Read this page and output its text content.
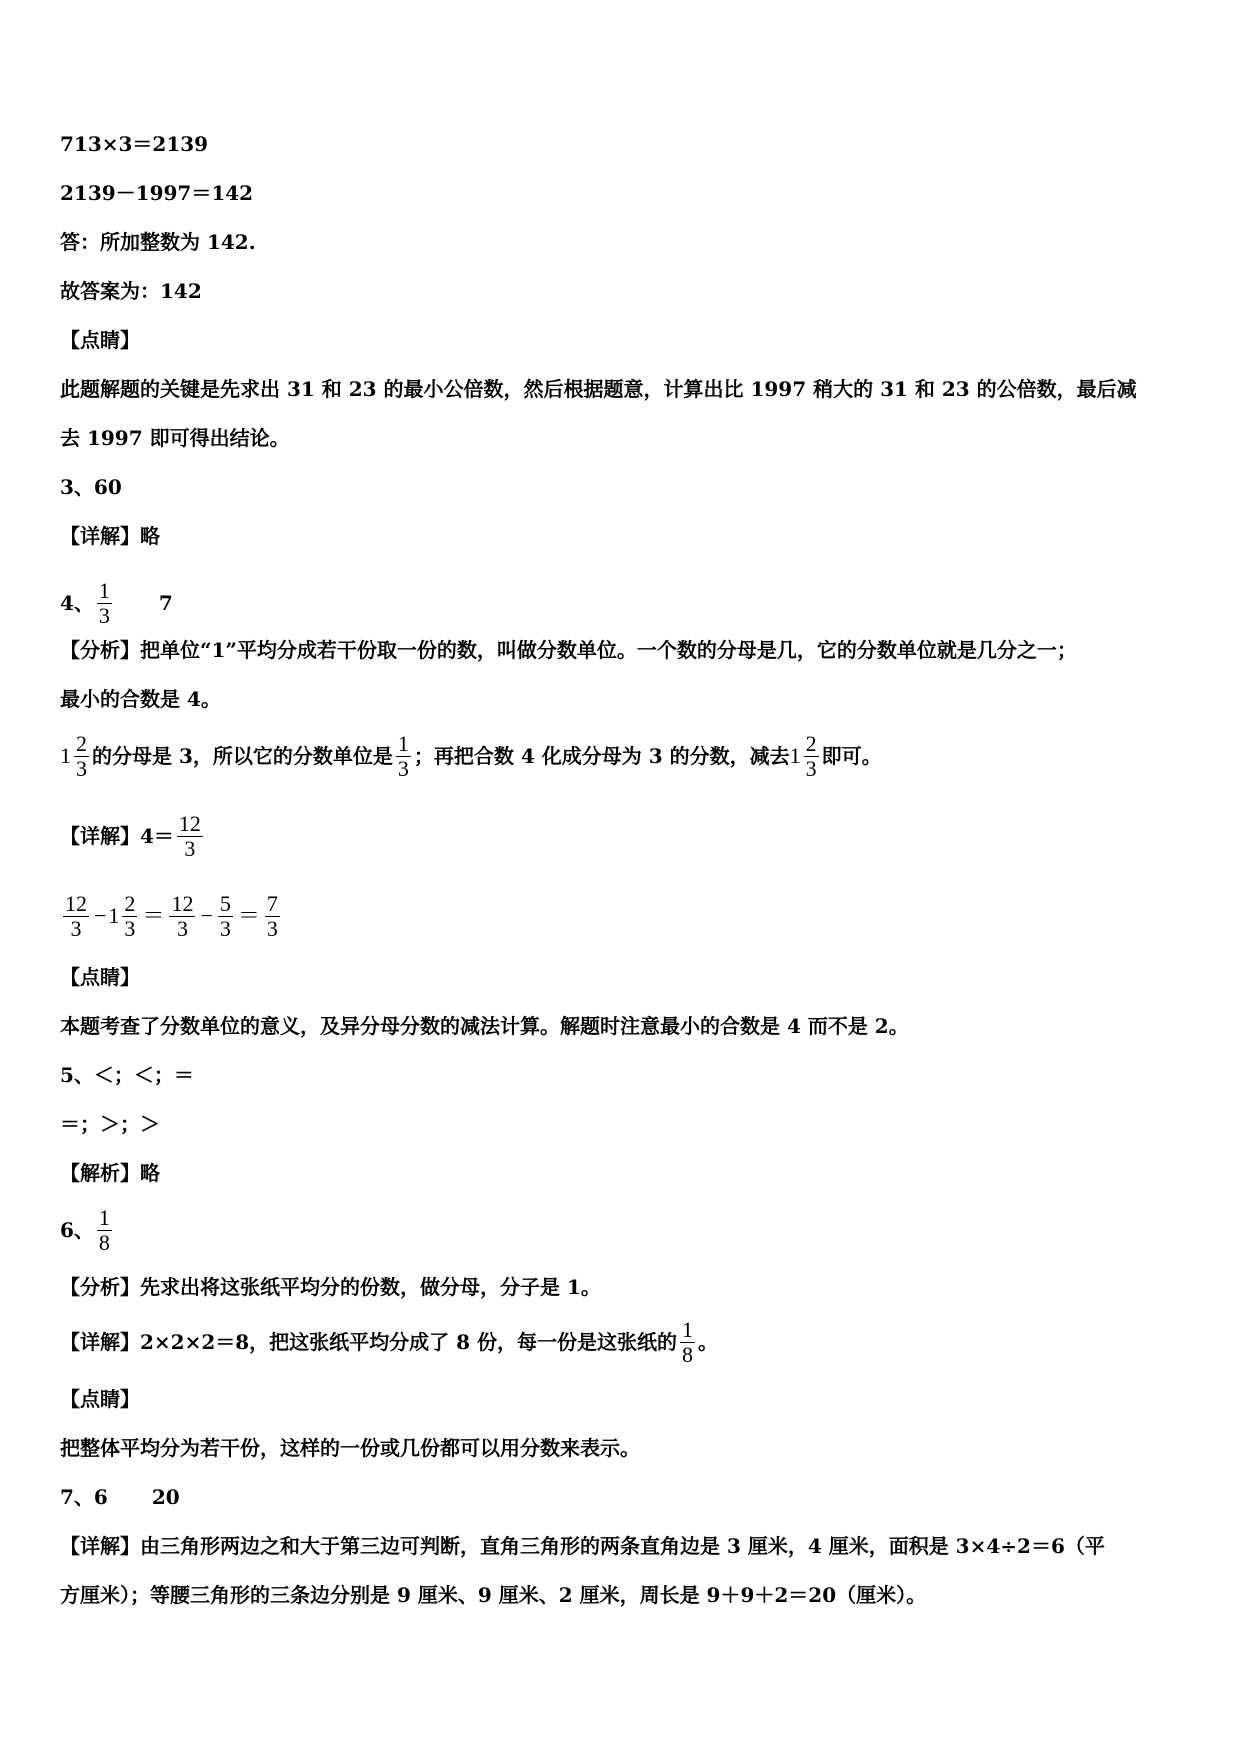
713×3＝2139
2139－1997＝142
答：所加整数为 142.
故答案为：142
【点睛】
此题解题的关键是先求出 31 和 23 的最小公倍数，然后根据题意，计算出比 1997 稍大的 31 和 23 的公倍数，最后减
去 1997 即可得出结论。
3、60
【详解】略
4、 $\frac{1}{3} 7$
【分析】把单位“1”平均分成若干份取一份的数，叫做分数单位。一个数的分母是几，它的分数单位就是几分之一；
最小的合数是 4。
$1 \frac{2}{3}$ 的分母是 3，所以它的分数单位是 $\frac{1}{3}$ ；再把合数 4 化成分母为 3 的分数，减去 $1 \frac{2}{3}$ 即可。
【详解】$4= \frac{12}{3}$
$\frac{12}{3} - 1 \frac{2}{3} = \frac{12}{3} - \frac{5}{3} = \frac{7}{3}$
【点睛】
本题考查了分数单位的意义，及异分母分数的减法计算。解题时注意最小的合数是 4 而不是 2。
5、＜；＜；＝
＝；＞；＞
【解析】略
6、 $\frac{1}{8}$
【分析】先求出将这张纸平均分的份数，做分母，分子是 1。
【详解】2×2×2＝8，把这张纸平均分成了 8 份，每一份是这张纸的 $\frac{1}{8}$ 。
【点睛】
把整体平均分为若干份，这样的一份或几份都可以用分数来表示。
7、6 20
【详解】由三角形两边之和大于第三边可判断，直角三角形的两条直角边是 3 厘米，4 厘米，面积是 3×4÷2＝6（平
方厘米）；等腰三角形的三条边分别是 9 厘米、9 厘米、2 厘米，周长是 9＋9＋2＝20（厘米）。
